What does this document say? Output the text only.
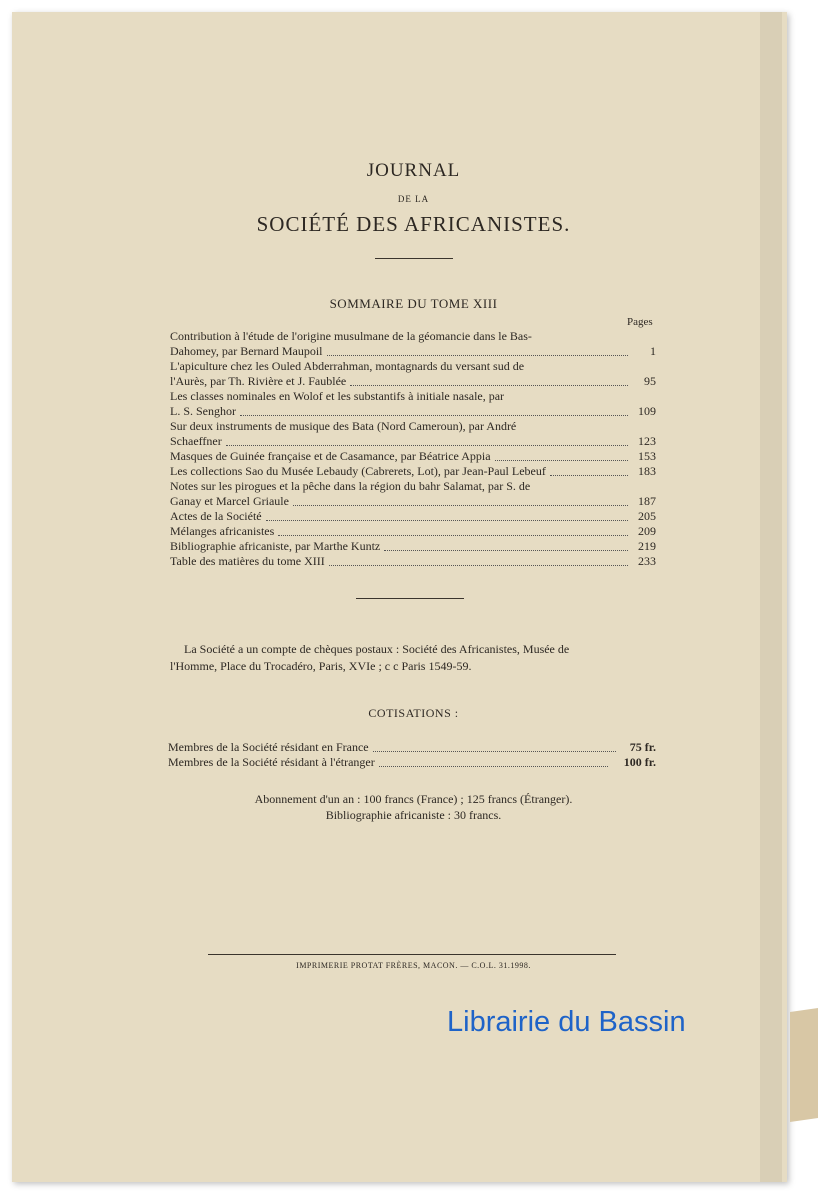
JOURNAL
DE LA
SOCIÉTÉ DES AFRICANISTES.
SOMMAIRE DU TOME XIII
Pages
Contribution à l'étude de l'origine musulmane de la géomancie dans le Bas-
Dahomey, par Bernard Maupoil	1
L'apiculture chez les Ouled Abderrahman, montagnards du versant sud de
l'Aurès, par Th. Rivière et J. Faublée	95
Les classes nominales en Wolof et les substantifs à initiale nasale, par
L. S. Senghor	109
Sur deux instruments de musique des Bata (Nord Cameroun), par André
Schaeffner	123
Masques de Guinée française et de Casamance, par Béatrice Appia	153
Les collections Sao du Musée Lebaudy (Cabrerets, Lot), par Jean-Paul Lebeuf	183
Notes sur les pirogues et la pêche dans la région du bahr Salamat, par S. de
Ganay et Marcel Griaule	187
Actes de la Société	205
Mélanges africanistes	209
Bibliographie africaniste, par Marthe Kuntz	219
Table des matières du tome XIII	233
La Société a un compte de chèques postaux : Société des Africanistes, Musée de
l'Homme, Place du Trocadéro, Paris, XVIe ; c c Paris 1549-59.
COTISATIONS :
Membres de la Société résidant en France	75 fr.
Membres de la Société résidant à l'étranger	100 fr.
Abonnement d'un an : 100 francs (France) ; 125 francs (Étranger).
Bibliographie africaniste : 30 francs.
IMPRIMERIE PROTAT FRÈRES, MACON. — C.O.L. 31.1998.
Librairie du Bassin
